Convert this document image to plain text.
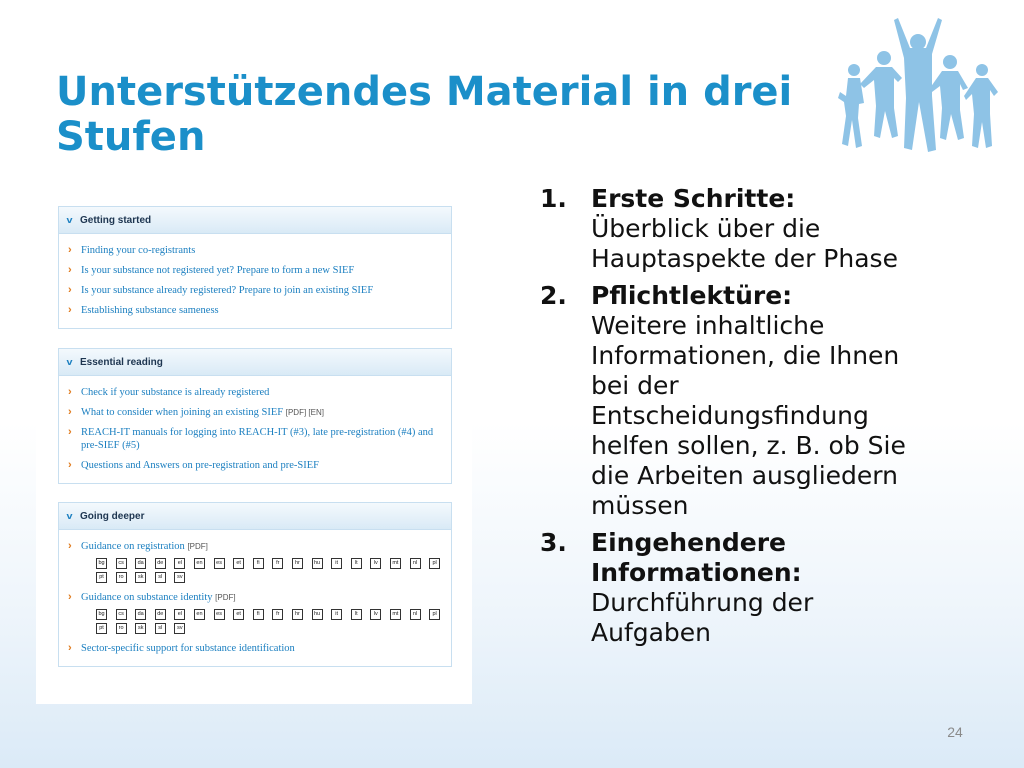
Unterstützendes Material in drei Stufen
v Getting started
› Finding your co-registrants
› Is your substance not registered yet? Prepare to form a new SIEF
› Is your substance already registered? Prepare to join an existing SIEF
› Establishing substance sameness
v Essential reading
› Check if your substance is already registered
› What to consider when joining an existing SIEF [PDF] [EN]
› REACH-IT manuals for logging into REACH-IT (#3), late pre-registration (#4) and pre-SIEF (#5)
› Questions and Answers on pre-registration and pre-SIEF
v Going deeper
› Guidance on registration [PDF]
bg	cs	da	de	el	en	es	et	fi	fr	hr	hu	it	lt	lv	mt	nl	pl
pt	ro	sk	sl	sv
› Guidance on substance identity [PDF]
bg	cs	da	de	el	en	es	et	fi	fr	hr	hu	it	lt	lv	mt	nl	pl
pt	ro	sk	sl	sv
› Sector-specific support for substance identification
1. Erste Schritte:
Überblick über die Hauptaspekte der Phase
2. Pflichtlektüre:
Weitere inhaltliche Informationen, die Ihnen bei der Entscheidungsfindung helfen sollen, z. B. ob Sie die Arbeiten ausgliedern müssen
3. Eingehendere Informationen:
Durchführung der Aufgaben
24
